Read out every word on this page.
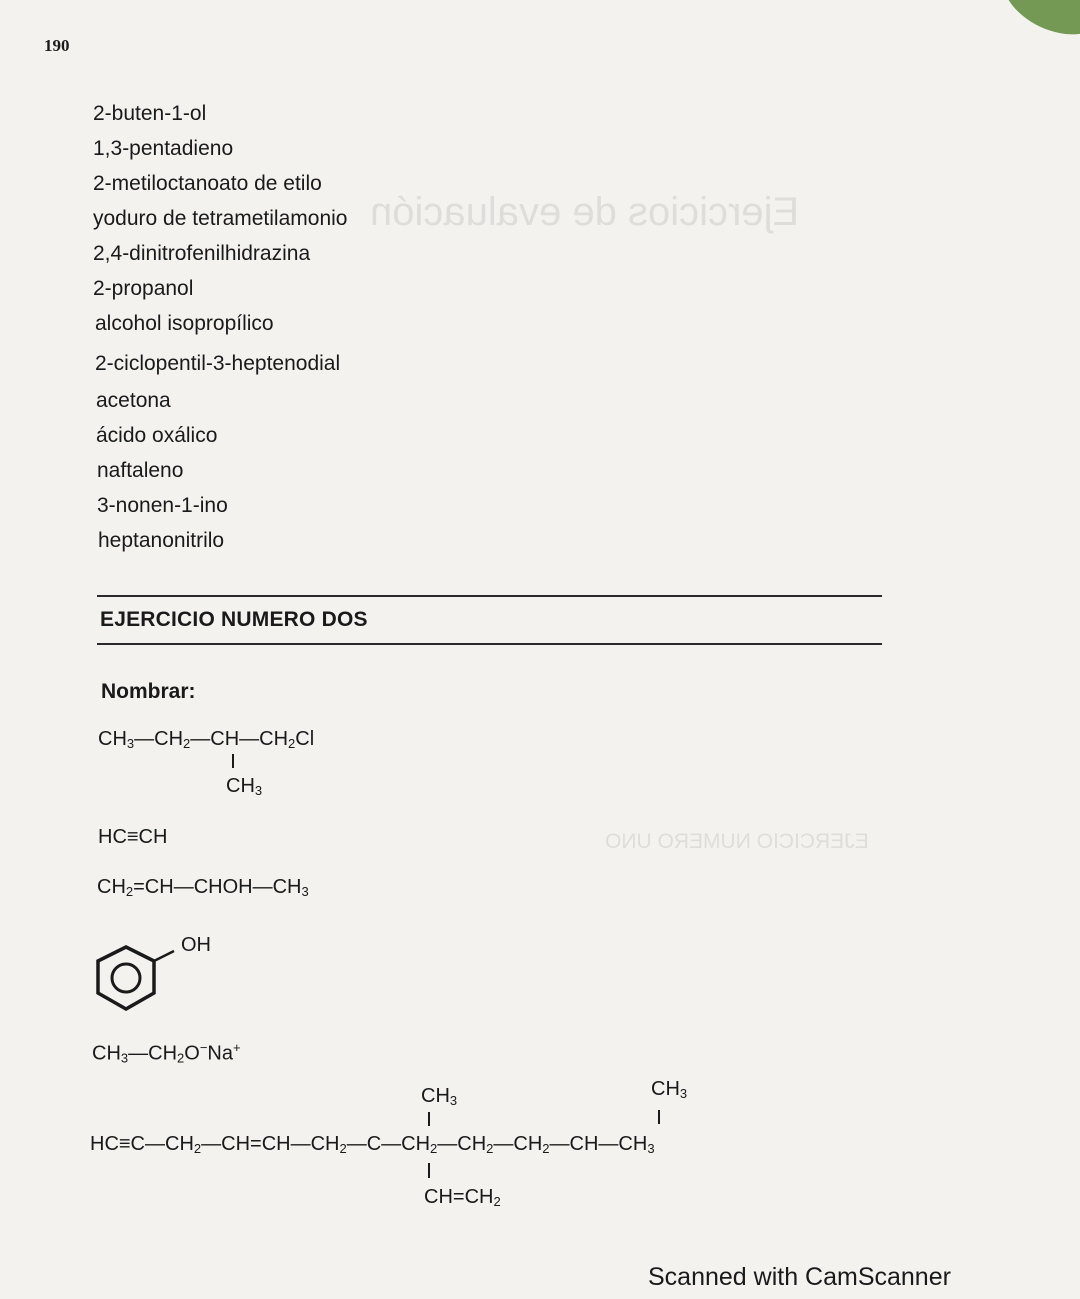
Ejercicios de evaluación
EJERCICIO NUMERO UNO
190
2-buten-1-ol
1,3-pentadieno
2-metiloctanoato de etilo
yoduro de tetrametilamonio
2,4-dinitrofenilhidrazina
2-propanol
alcohol isopropílico
2-ciclopentil-3-heptenodial
acetona
ácido oxálico
naftaleno
3-nonen-1-ino
heptanonitrilo
EJERCICIO NUMERO DOS
Nombrar:
$CH_3—CH_2—CH—CH_2Cl$
$CH_3$
HC≡CH
$CH_2=CH—CHOH—CH_3$
OH
$CH_3—CH_2O^-Na^+$
$CH_3$
$CH_3$
$HC\equiv C—CH_2—CH=CH—CH_2—C—CH_2—CH_2—CH_2—CH—CH_3$
$CH=CH_2$
Scanned with CamScanner
